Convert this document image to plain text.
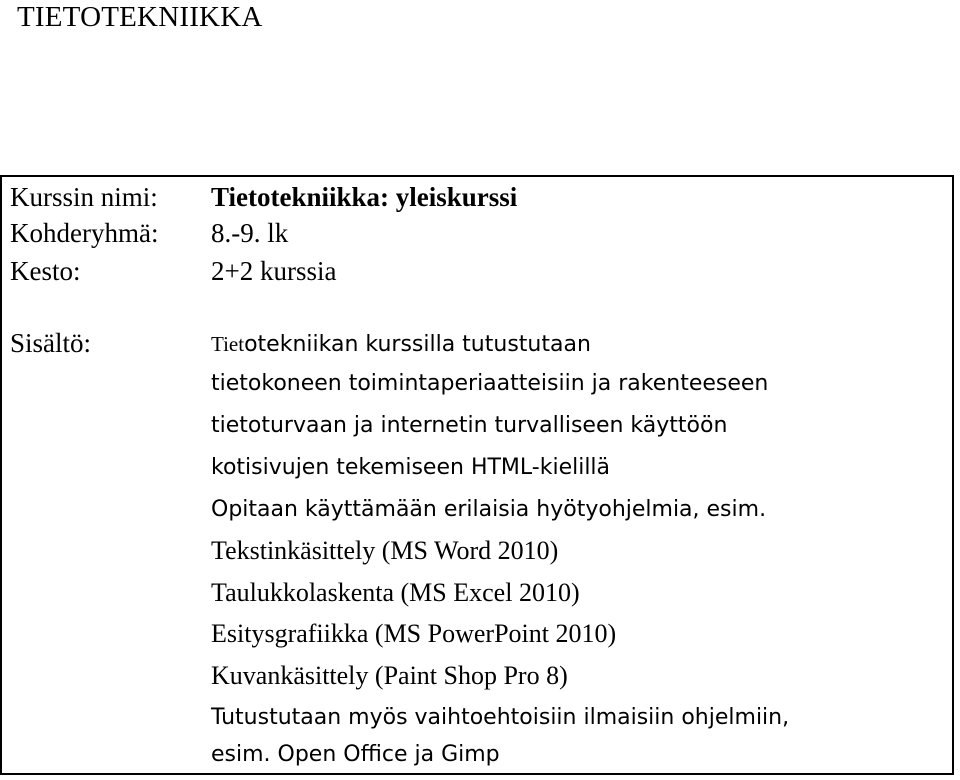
TIETOTEKNIIKKA
Kurssin nimi: Tietotekniikka: yleiskurssi
Kohderyhmä: 8.-9. lk
Kesto:	2+2 kurssia
Sisältö:	Tietotekniikan kurssilla tutustutaan
tietokoneen toimintaperiaatteisiin ja rakenteeseen
tietoturvaan ja internetin turvalliseen käyttöön
kotisivujen tekemiseen HTML-kielillä
Opitaan käyttämään erilaisia hyötyohjelmia, esim.
Tekstinkäsittely (MS Word 2010)
Taulukkolaskenta (MS Excel 2010)
Esitysgrafiikka (MS PowerPoint 2010)
Kuvankäsittely (Paint Shop Pro 8)
Tutustutaan myös vaihtoehtoisiin ilmaisiin ohjelmiin,
esim. Open Office ja Gimp
